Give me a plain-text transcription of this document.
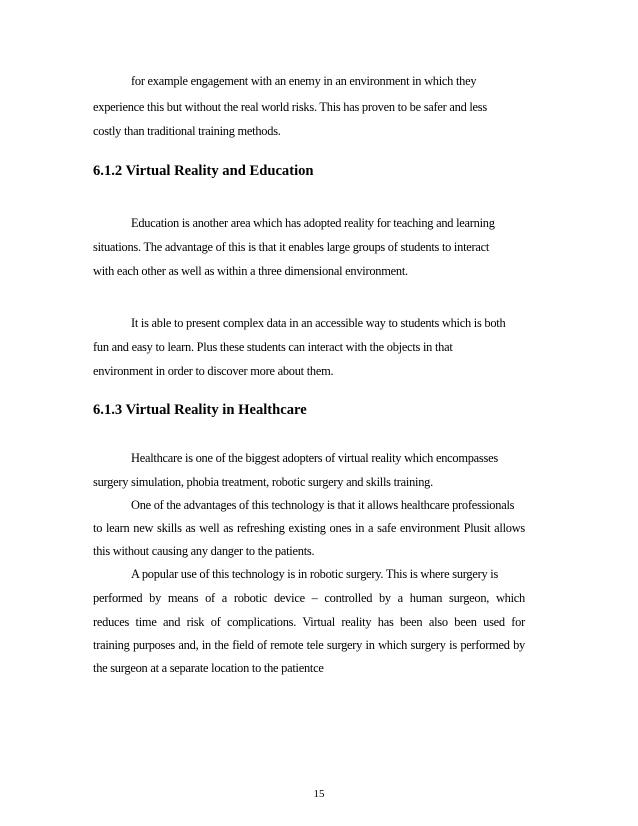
for example engagement with an enemy in an environment in which they
experience this but without the real world risks. This has proven to be safer and less
costly than traditional training methods.
6.1.2 Virtual Reality and Education
Education is another area which has adopted reality for teaching and learning
situations. The advantage of this is that it enables large groups of students to interact
with each other as well as within a three dimensional environment.
It is able to present complex data in an accessible way to students which is both
fun and easy to learn. Plus these students can interact with the objects in that
environment in order to discover more about them.
6.1.3 Virtual Reality in Healthcare
Healthcare is one of the biggest adopters of virtual reality which encompasses
surgery simulation, phobia treatment, robotic surgery and skills training.
One of the advantages of this technology is that it allows healthcare professionals
to learn new skills as well as refreshing existing ones in a safe environment Plusit allows
this without causing any danger to the patients.
A popular use of this technology is in robotic surgery. This is where surgery is
performed by means of a robotic device – controlled by a human surgeon, which
reduces time and risk of complications. Virtual reality has been also been used for
training purposes and, in the field of remote tele surgery in which surgery is performed by
the surgeon at a separate location to the patientce
15
